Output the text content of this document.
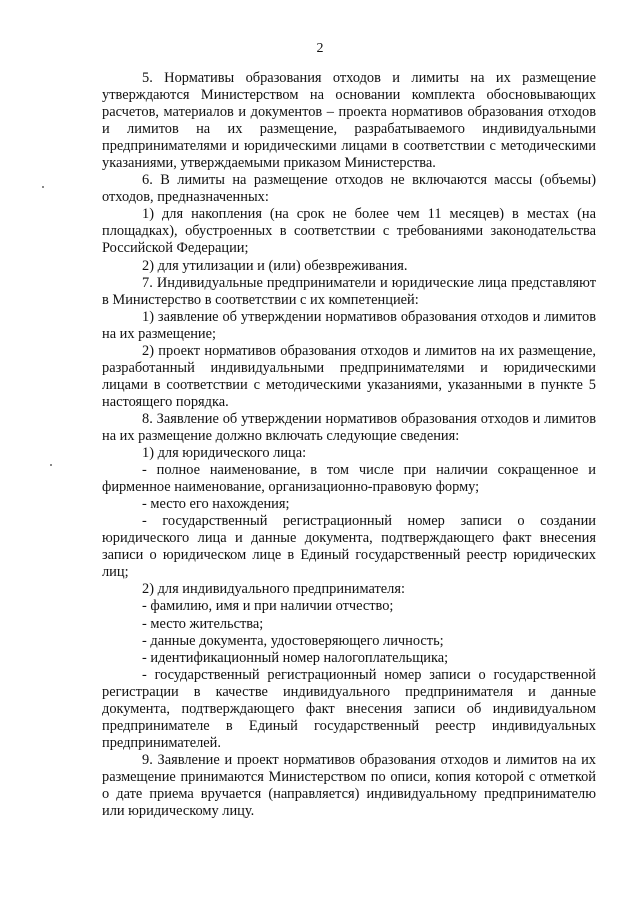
2

5. Нормативы образования отходов и лимиты на их размещение утверждаются Министерством на основании комплекта обосновывающих расчетов, материалов и документов – проекта нормативов образования отходов и лимитов на их размещение, разрабатываемого индивидуальными предпринимателями и юридическими лицами в соответствии с методическими указаниями, утверждаемыми приказом Министерства.

6. В лимиты на размещение отходов не включаются массы (объемы) отходов, предназначенных:

1) для накопления (на срок не более чем 11 месяцев) в местах (на площадках), обустроенных в соответствии с требованиями законодательства Российской Федерации;

2) для утилизации и (или) обезвреживания.

7. Индивидуальные предприниматели и юридические лица представляют в Министерство в соответствии с их компетенцией:

1) заявление об утверждении нормативов образования отходов и лимитов на их размещение;

2) проект нормативов образования отходов и лимитов на их размещение, разработанный индивидуальными предпринимателями и юридическими лицами в соответствии с методическими указаниями, указанными в пункте 5 настоящего порядка.

8. Заявление об утверждении нормативов образования отходов и лимитов на их размещение должно включать следующие сведения:

1) для юридического лица:

- полное наименование, в том числе при наличии сокращенное и фирменное наименование, организационно-правовую форму;

- место его нахождения;

- государственный регистрационный номер записи о создании юридического лица и данные документа, подтверждающего факт внесения записи о юридическом лице в Единый государственный реестр юридических лиц;

2) для индивидуального предпринимателя:

- фамилию, имя и при наличии отчество;

- место жительства;

- данные документа, удостоверяющего личность;

- идентификационный номер налогоплательщика;

- государственный регистрационный номер записи о государственной регистрации в качестве индивидуального предпринимателя и данные документа, подтверждающего факт внесения записи об индивидуальном предпринимателе в Единый государственный реестр индивидуальных предпринимателей.

9. Заявление и проект нормативов образования отходов и лимитов на их размещение принимаются Министерством по описи, копия которой с отметкой о дате приема вручается (направляется) индивидуальному предпринимателю или юридическому лицу.
